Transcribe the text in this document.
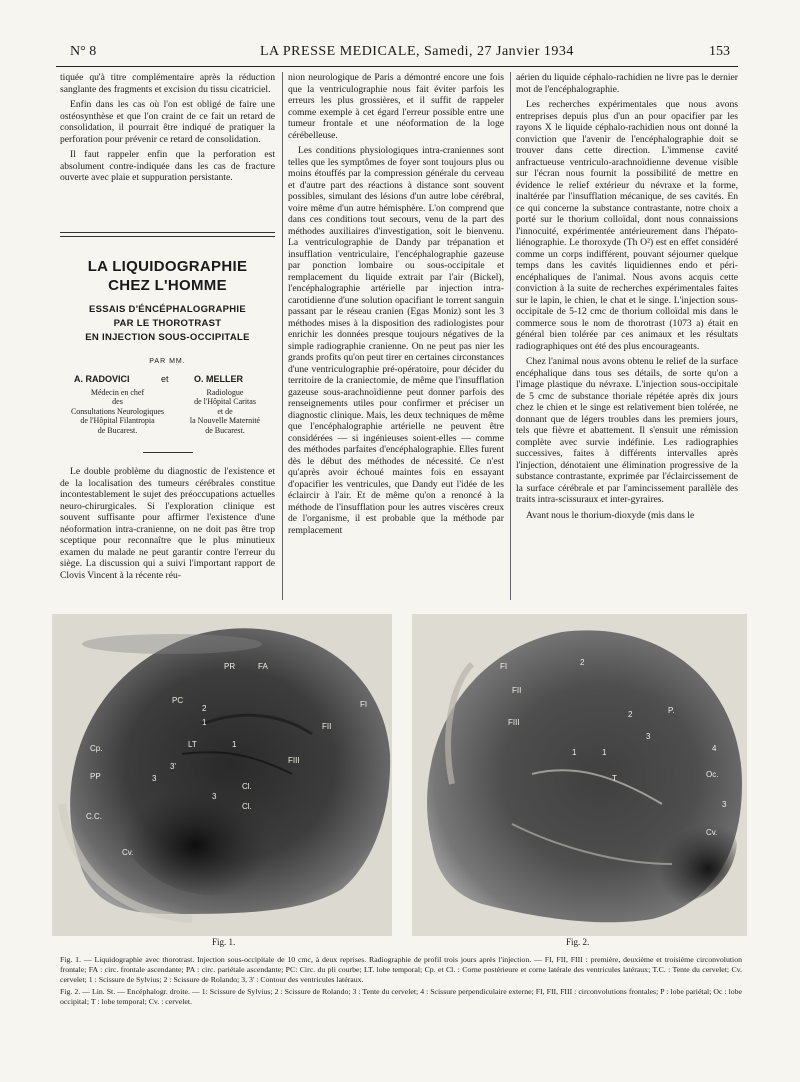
N° 8	LA PRESSE MEDICALE, Samedi, 27 Janvier 1934	153

tiquée qu'à titre complémentaire après la réduction sanglante des fragments et excision du tissu cicatriciel.

Enfin dans les cas où l'on est obligé de faire une ostéosynthèse et que l'on craint de ce fait un retard de consolidation, il pourrait être indiqué de pratiquer la perforation pour prévenir ce retard de consolidation.

Il faut rappeler enfin que la perforation est absolument contre-indiquée dans les cas de fracture ouverte avec plaie et suppuration persistante.

LA LIQUIDOGRAPHIE
CHEZ L'HOMME
ESSAIS D'ÉNCÉPHALOGRAPHIE
PAR LE THOROTRAST
EN INJECTION SOUS-OCCIPITALE
PAR MM.
A. RADOVICI	et	O. MELLER
Médecin en chef
des
Consultations Neurologiques
de l'Hôpital Filantropia
de Bucarest.
Radiologue
de l'Hôpital Caritas
et de
la Nouvelle Maternité
de Bucarest.

Le double problème du diagnostic de l'existence et de la localisation des tumeurs cérébrales constitue incontestablement le sujet des préoccupations actuelles neuro-chirurgicales. Si l'exploration clinique est souvent suffisante pour affirmer l'existence d'une néoformation intra-cranienne, on ne doit pas être trop sceptique pour reconnaître que le plus minutieux examen du malade ne peut garantir contre l'erreur du siège. La discussion qui a suivi l'important rapport de Clovis Vincent à la récente réu-

nion neurologique de Paris a démontré encore une fois que la ventriculographie nous fait éviter parfois les erreurs les plus grossières, et il suffit de rappeler comme exemple à cet égard l'erreur possible entre une tumeur frontale et une néoformation de la loge cérébelleuse.

Les conditions physiologiques intra-craniennes sont telles que les symptômes de foyer sont toujours plus ou moins étouffés par la compression générale du cerveau et d'autre part des réactions à distance sont souvent possibles, simulant des lésions d'un autre lobe cérébral, voire même d'un autre hémisphère. L'on comprend que dans ces conditions tout secours, venu de la part des méthodes auxiliaires d'investigation, soit le bienvenu. La ventriculographie de Dandy par trépanation et insufflation ventriculaire, l'encéphalographie gazeuse par ponction lombaire ou sous-occipitale et remplacement du liquide extrait par l'air (Bickel), l'encéphalographie artérielle par injection intra-carotidienne d'une solution opacifiant le torrent sanguin passant par le réseau cranien (Egas Moniz) sont les 3 méthodes mises à la disposition des radiologistes pour enrichir les données presque toujours négatives de la simple radiographie cranienne. On ne peut pas nier les grands profits qu'on peut tirer en certaines circonstances d'une ventriculographie pré-opératoire, pour décider du territoire de la craniectomie, de même que l'insufflation gazeuse sous-arachnoïdienne peut donner parfois des renseignements utiles pour confirmer et préciser un diagnostic clinique. Mais, les deux techniques de même que l'encéphalographie artérielle ne peuvent être considérées — si ingénieuses soient-elles — comme des méthodes parfaites d'encéphalographie. Elles furent dès le début des méthodes de nécessité. Ce n'est qu'après avoir échoué maintes fois en essayant d'opacifier les ventricules, que Dandy eut l'idée de les éclaircir à l'air. Et de même qu'on a renoncé à la méthode de l'insufflation pour les autres viscères creux de l'organisme, il est probable que la méthode par remplacement

aérien du liquide céphalo-rachidien ne livre pas le dernier mot de l'encéphalographie.

Les recherches expérimentales que nous avons entreprises depuis plus d'un an pour opacifier par les rayons X le liquide céphalo-rachidien nous ont donné la conviction que l'avenir de l'encéphalographie doit se trouver dans cette direction. L'immense cavité anfractueuse ventriculo-arachnoïdienne devenue visible sur l'écran nous fournit la possibilité de mettre en évidence le relief extérieur du névraxe et la forme, inaltérée par l'insufflation mécanique, de ses cavités. En ce qui concerne la substance contrastante, notre choix a porté sur le thorium colloïdal, dont nous connaissions l'innocuité, expérimentée antérieurement dans l'hépato-liénographie. Le thoroxyde (Th O²) est en effet considéré comme un corps indifférent, pouvant séjourner quelque temps dans les cavités liquidiennes endo et péri-encéphaliques de l'animal. Nous avons acquis cette conviction à la suite de recherches expérimentales faites sur le lapin, le chien, le chat et le singe. L'injection sous-occipitale de 5-12 cmc de thorium colloïdal mis dans le commerce sous le nom de thorotrast (1073 a) était en général bien tolérée par ces animaux et les résultats radiographiques ont été des plus encourageants.

Chez l'animal nous avons obtenu le relief de la surface encéphalique dans tous ses détails, de sorte qu'on a l'image plastique du névraxe. L'injection sous-occipitale de 5 cmc de substance thoriale répétée après dix jours chez le chien et le singe est relativement bien tolérée, ne donnant que de légers troubles dans les premiers jours, tels que fièvre et abattement. Il s'ensuit une rémission complète avec survie indéfinie. Les radiographies successives, faites à différents intervalles après l'injection, dénotaient une élimination progressive de la substance contrastante, exprimée par l'éclaircissement de la surface cérébrale et par l'amincissement parallèle des traits intra-scissuraux et inter-gyraires.

Avant nous le thorium-dioxyde (mis dans le

PR	FA
PC	FI
FII
LT
FIII
Cp.
3'
Cl.
Cl.
PP	3
3
2
1
1
C.C.
Cv.
FI
FII
FIII
2
2	P.
3
1	1
T
4
Oc.
3
Cv.
Fig. 1.	Fig. 2.

Fig. 1. — Liquidographie avec thorotrast. Injection sous-occipitale de 10 cmc, à deux reprises. Radiographie de profil trois jours après l'injection. — FI, FII, FIII : première, deuxième et troisième circonvolution frontale; FA : circ. frontale ascendante; PA : circ. pariétale ascendante; PC: Circ. du pli courbe; LT. lobe temporal; Cp. et Cl. : Corne postérieure et corne latérale des ventricules latéraux; T.C. : Tente du cervelet; Cv. cervelet; 1 : Scissure de Sylvius; 2 : Scissure de Rolando; 3, 3' : Contour des ventricules latéraux.

Fig. 2. — Lin. St. — Encéphalogr. droite. — 1: Scissure de Sylvius; 2 : Scissure de Rolando; 3 : Tente du cervelet; 4 : Scissure perpendiculaire externe; FI, FII, FIII : circonvolutions frontales; P : lobe pariétal; Oc : lobe occipital; T : lobe temporal; Cv. : cervelet.
